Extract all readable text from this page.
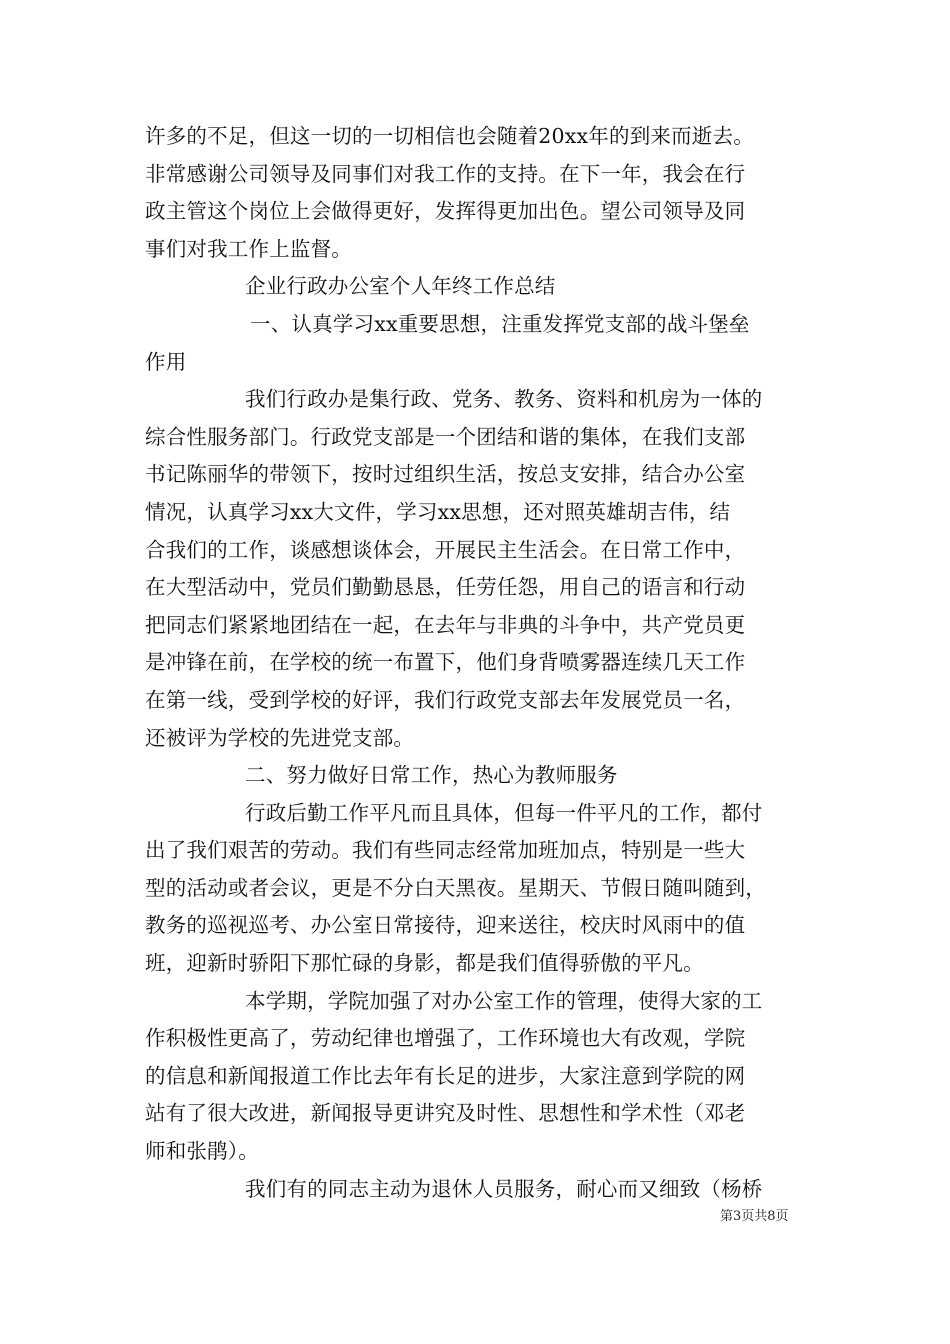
许多的不足，但这一切的一切相信也会随着20xx年的到来而逝去。
非常感谢公司领导及同事们对我工作的支持。在下一年，我会在行
政主管这个岗位上会做得更好，发挥得更加出色。望公司领导及同
事们对我工作上监督。
企业行政办公室个人年终工作总结
一、认真学习xx重要思想，注重发挥党支部的战斗堡垒
作用
我们行政办是集行政、党务、教务、资料和机房为一体的
综合性服务部门。行政党支部是一个团结和谐的集体，在我们支部
书记陈丽华的带领下，按时过组织生活，按总支安排，结合办公室
情况，认真学习xx大文件，学习xx思想，还对照英雄胡吉伟，结
合我们的工作，谈感想谈体会，开展民主生活会。在日常工作中，
在大型活动中，党员们勤勤恳恳，任劳任怨，用自己的语言和行动
把同志们紧紧地团结在一起，在去年与非典的斗争中，共产党员更
是冲锋在前，在学校的统一布置下，他们身背喷雾器连续几天工作
在第一线，受到学校的好评，我们行政党支部去年发展党员一名，
还被评为学校的先进党支部。
二、努力做好日常工作，热心为教师服务
行政后勤工作平凡而且具体，但每一件平凡的工作，都付
出了我们艰苦的劳动。我们有些同志经常加班加点，特别是一些大
型的活动或者会议，更是不分白天黑夜。星期天、节假日随叫随到，
教务的巡视巡考、办公室日常接待，迎来送往，校庆时风雨中的值
班，迎新时骄阳下那忙碌的身影，都是我们值得骄傲的平凡。
本学期，学院加强了对办公室工作的管理，使得大家的工
作积极性更高了，劳动纪律也增强了，工作环境也大有改观，学院
的信息和新闻报道工作比去年有长足的进步，大家注意到学院的网
站有了很大改进，新闻报导更讲究及时性、思想性和学术性（邓老
师和张鹃）。
我们有的同志主动为退休人员服务，耐心而又细致（杨桥
第3页共8页
